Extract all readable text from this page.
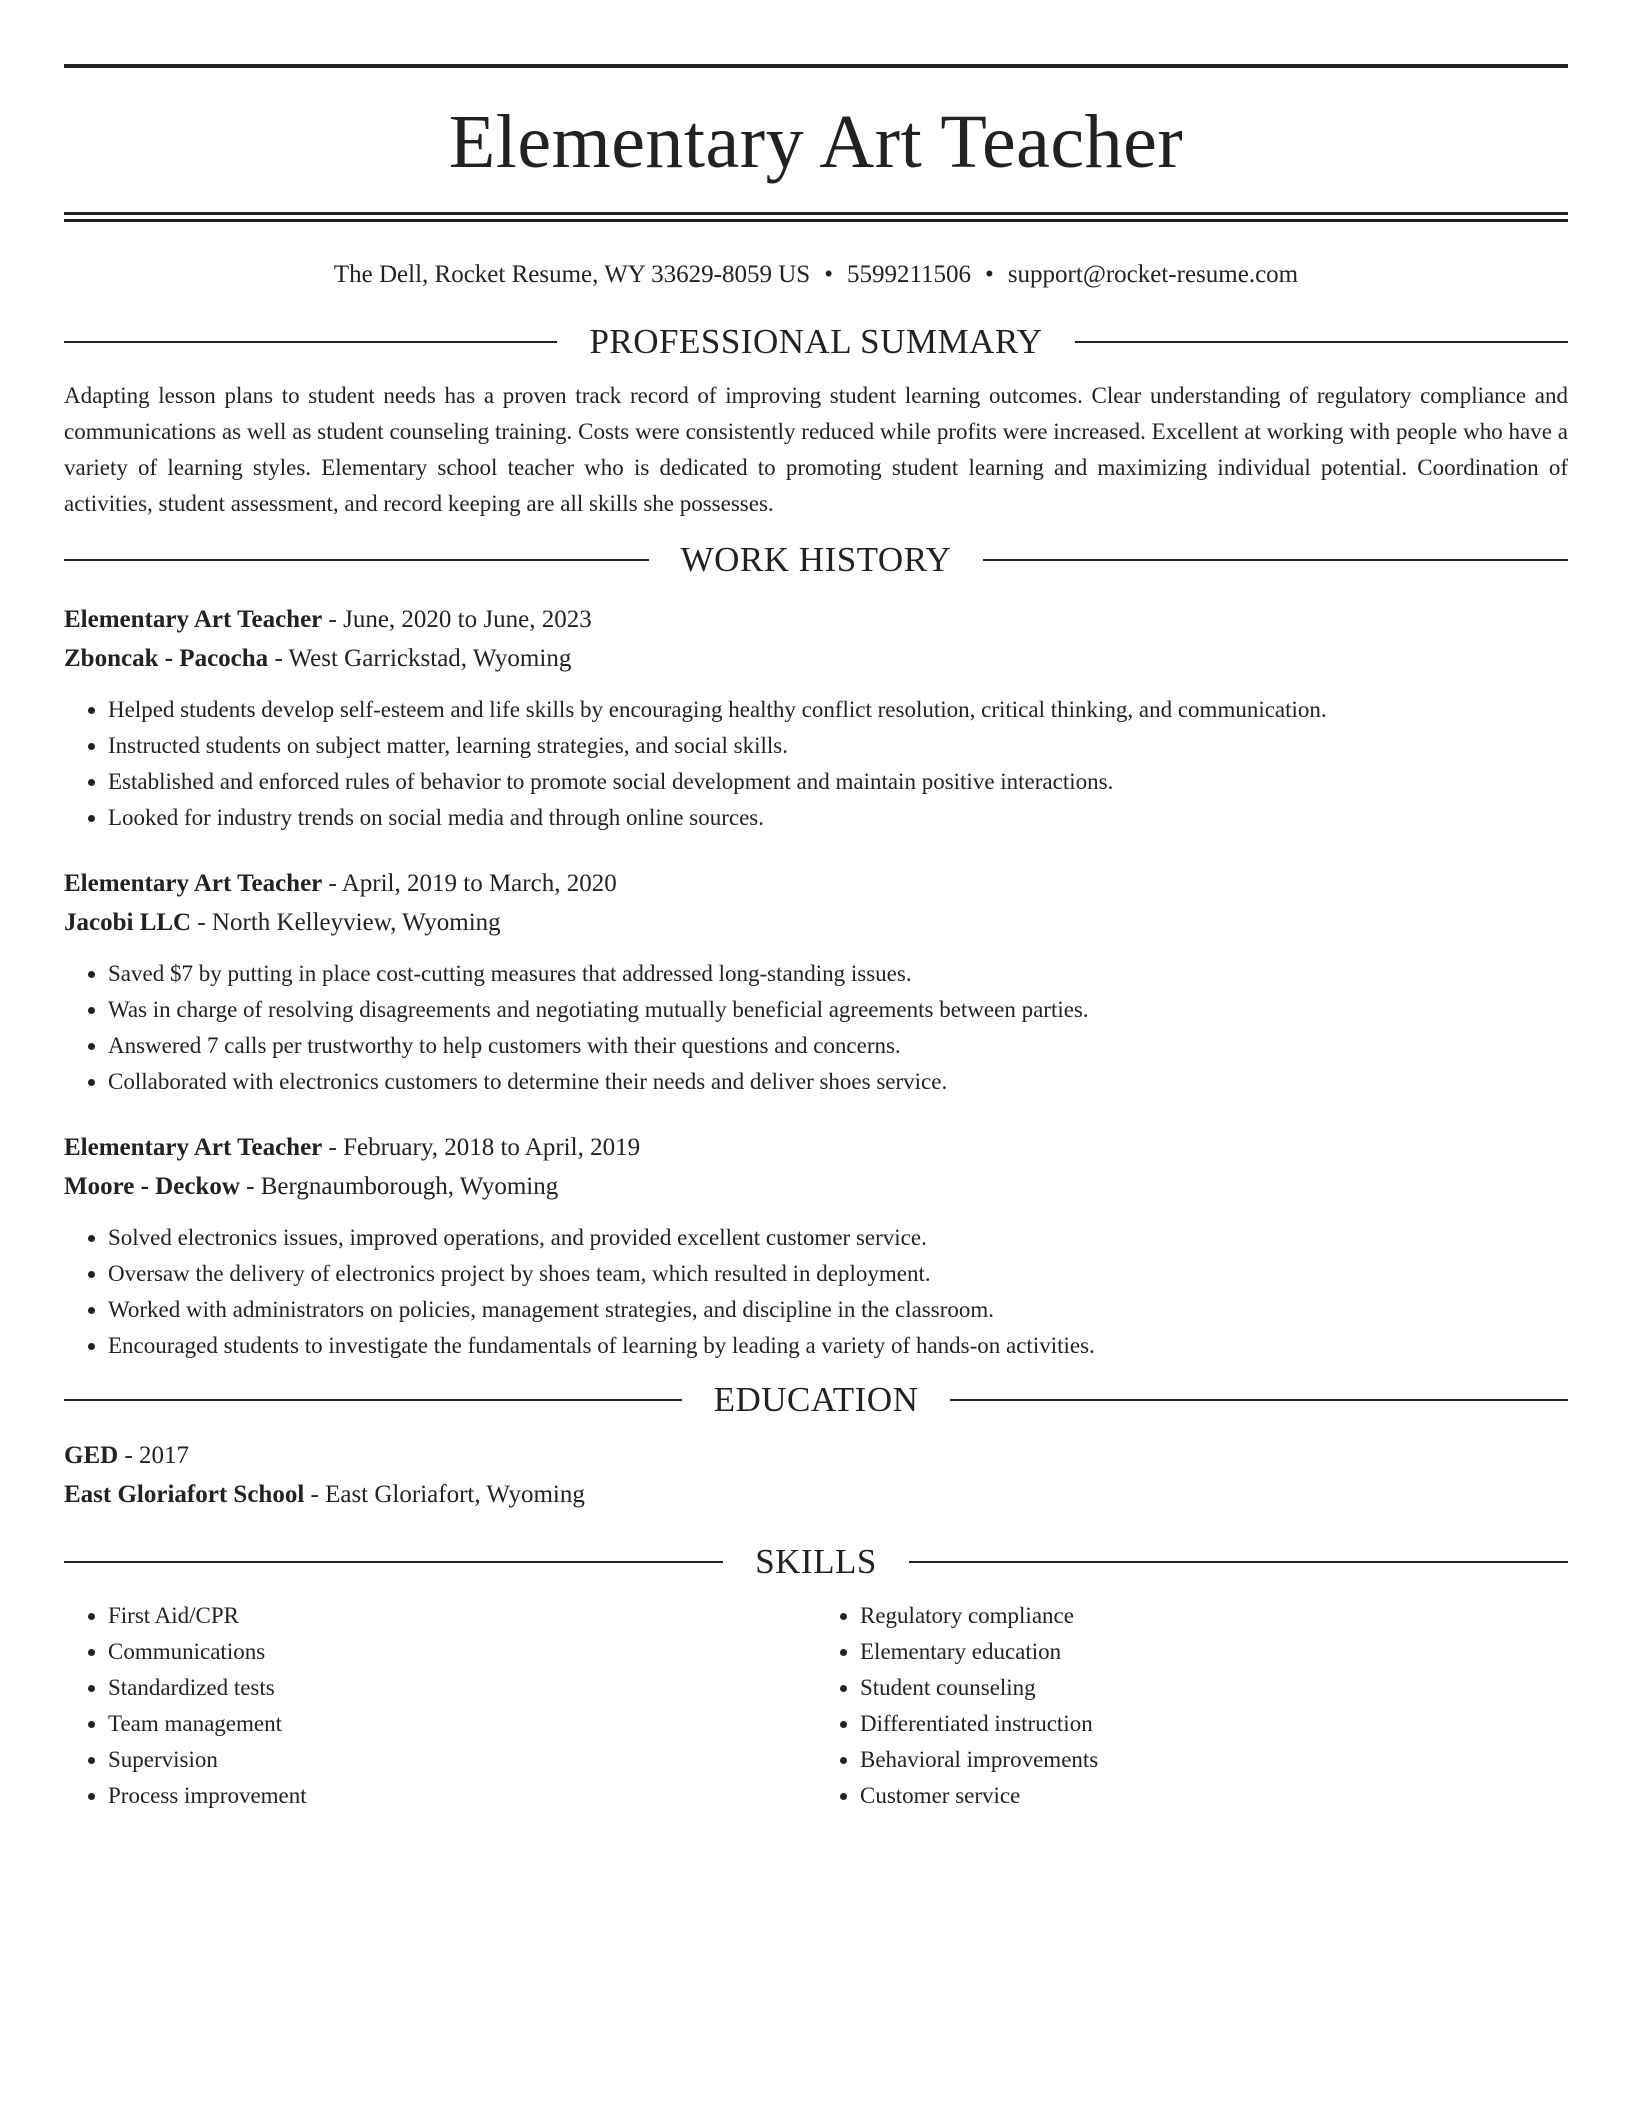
Elementary Art Teacher
The Dell, Rocket Resume, WY 33629-8059 US • 5599211506 • support@rocket-resume.com
PROFESSIONAL SUMMARY

Adapting lesson plans to student needs has a proven track record of improving student learning outcomes. Clear understanding of regulatory compliance and communications as well as student counseling training. Costs were consistently reduced while profits were increased. Excellent at working with people who have a variety of learning styles. Elementary school teacher who is dedicated to promoting student learning and maximizing individual potential. Coordination of activities, student assessment, and record keeping are all skills she possesses.

WORK HISTORY

Elementary Art Teacher - June, 2020 to June, 2023

Zboncak - Pacocha - West Garrickstad, Wyoming

• Helped students develop self-esteem and life skills by encouraging healthy conflict resolution, critical thinking, and communication.
• Instructed students on subject matter, learning strategies, and social skills.
• Established and enforced rules of behavior to promote social development and maintain positive interactions.
• Looked for industry trends on social media and through online sources.

Elementary Art Teacher - April, 2019 to March, 2020

Jacobi LLC - North Kelleyview, Wyoming

• Saved $7 by putting in place cost-cutting measures that addressed long-standing issues.
• Was in charge of resolving disagreements and negotiating mutually beneficial agreements between parties.
• Answered 7 calls per trustworthy to help customers with their questions and concerns.
• Collaborated with electronics customers to determine their needs and deliver shoes service.

Elementary Art Teacher - February, 2018 to April, 2019

Moore - Deckow - Bergnaumborough, Wyoming

• Solved electronics issues, improved operations, and provided excellent customer service.
• Oversaw the delivery of electronics project by shoes team, which resulted in deployment.
• Worked with administrators on policies, management strategies, and discipline in the classroom.
• Encouraged students to investigate the fundamentals of learning by leading a variety of hands-on activities.
EDUCATION

GED - 2017

East Gloriafort School - East Gloriafort, Wyoming

SKILLS
• First Aid/CPR
• Communications
• Standardized tests
• Team management
• Supervision
• Process improvement
• Regulatory compliance
• Elementary education
• Student counseling
• Differentiated instruction
• Behavioral improvements
• Customer service
